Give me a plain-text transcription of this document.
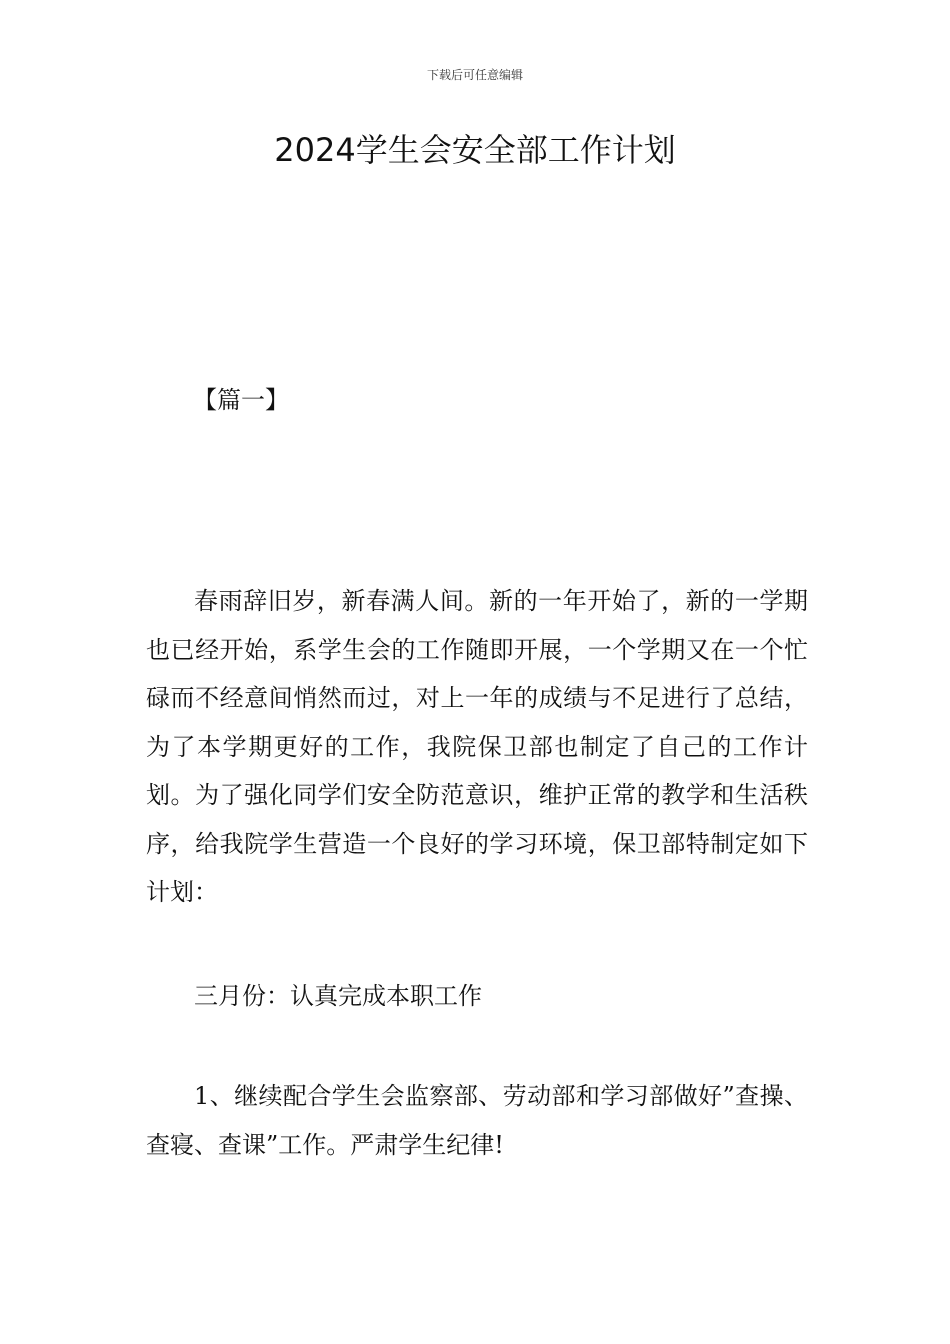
下载后可任意编辑
2024学生会安全部工作计划
【篇一】

春雨辞旧岁，新春满人间。新的一年开始了，新的一学期也已经开始，系学生会的工作随即开展，一个学期又在一个忙碌而不经意间悄然而过，对上一年的成绩与不足进行了总结，为了本学期更好的工作，我院保卫部也制定了自己的工作计划。为了强化同学们安全防范意识，维护正常的教学和生活秩序，给我院学生营造一个良好的学习环境，保卫部特制定如下计划：

三月份：认真完成本职工作

1、继续配合学生会监察部、劳动部和学习部做好”查操、查寝、查课”工作。严肃学生纪律!
